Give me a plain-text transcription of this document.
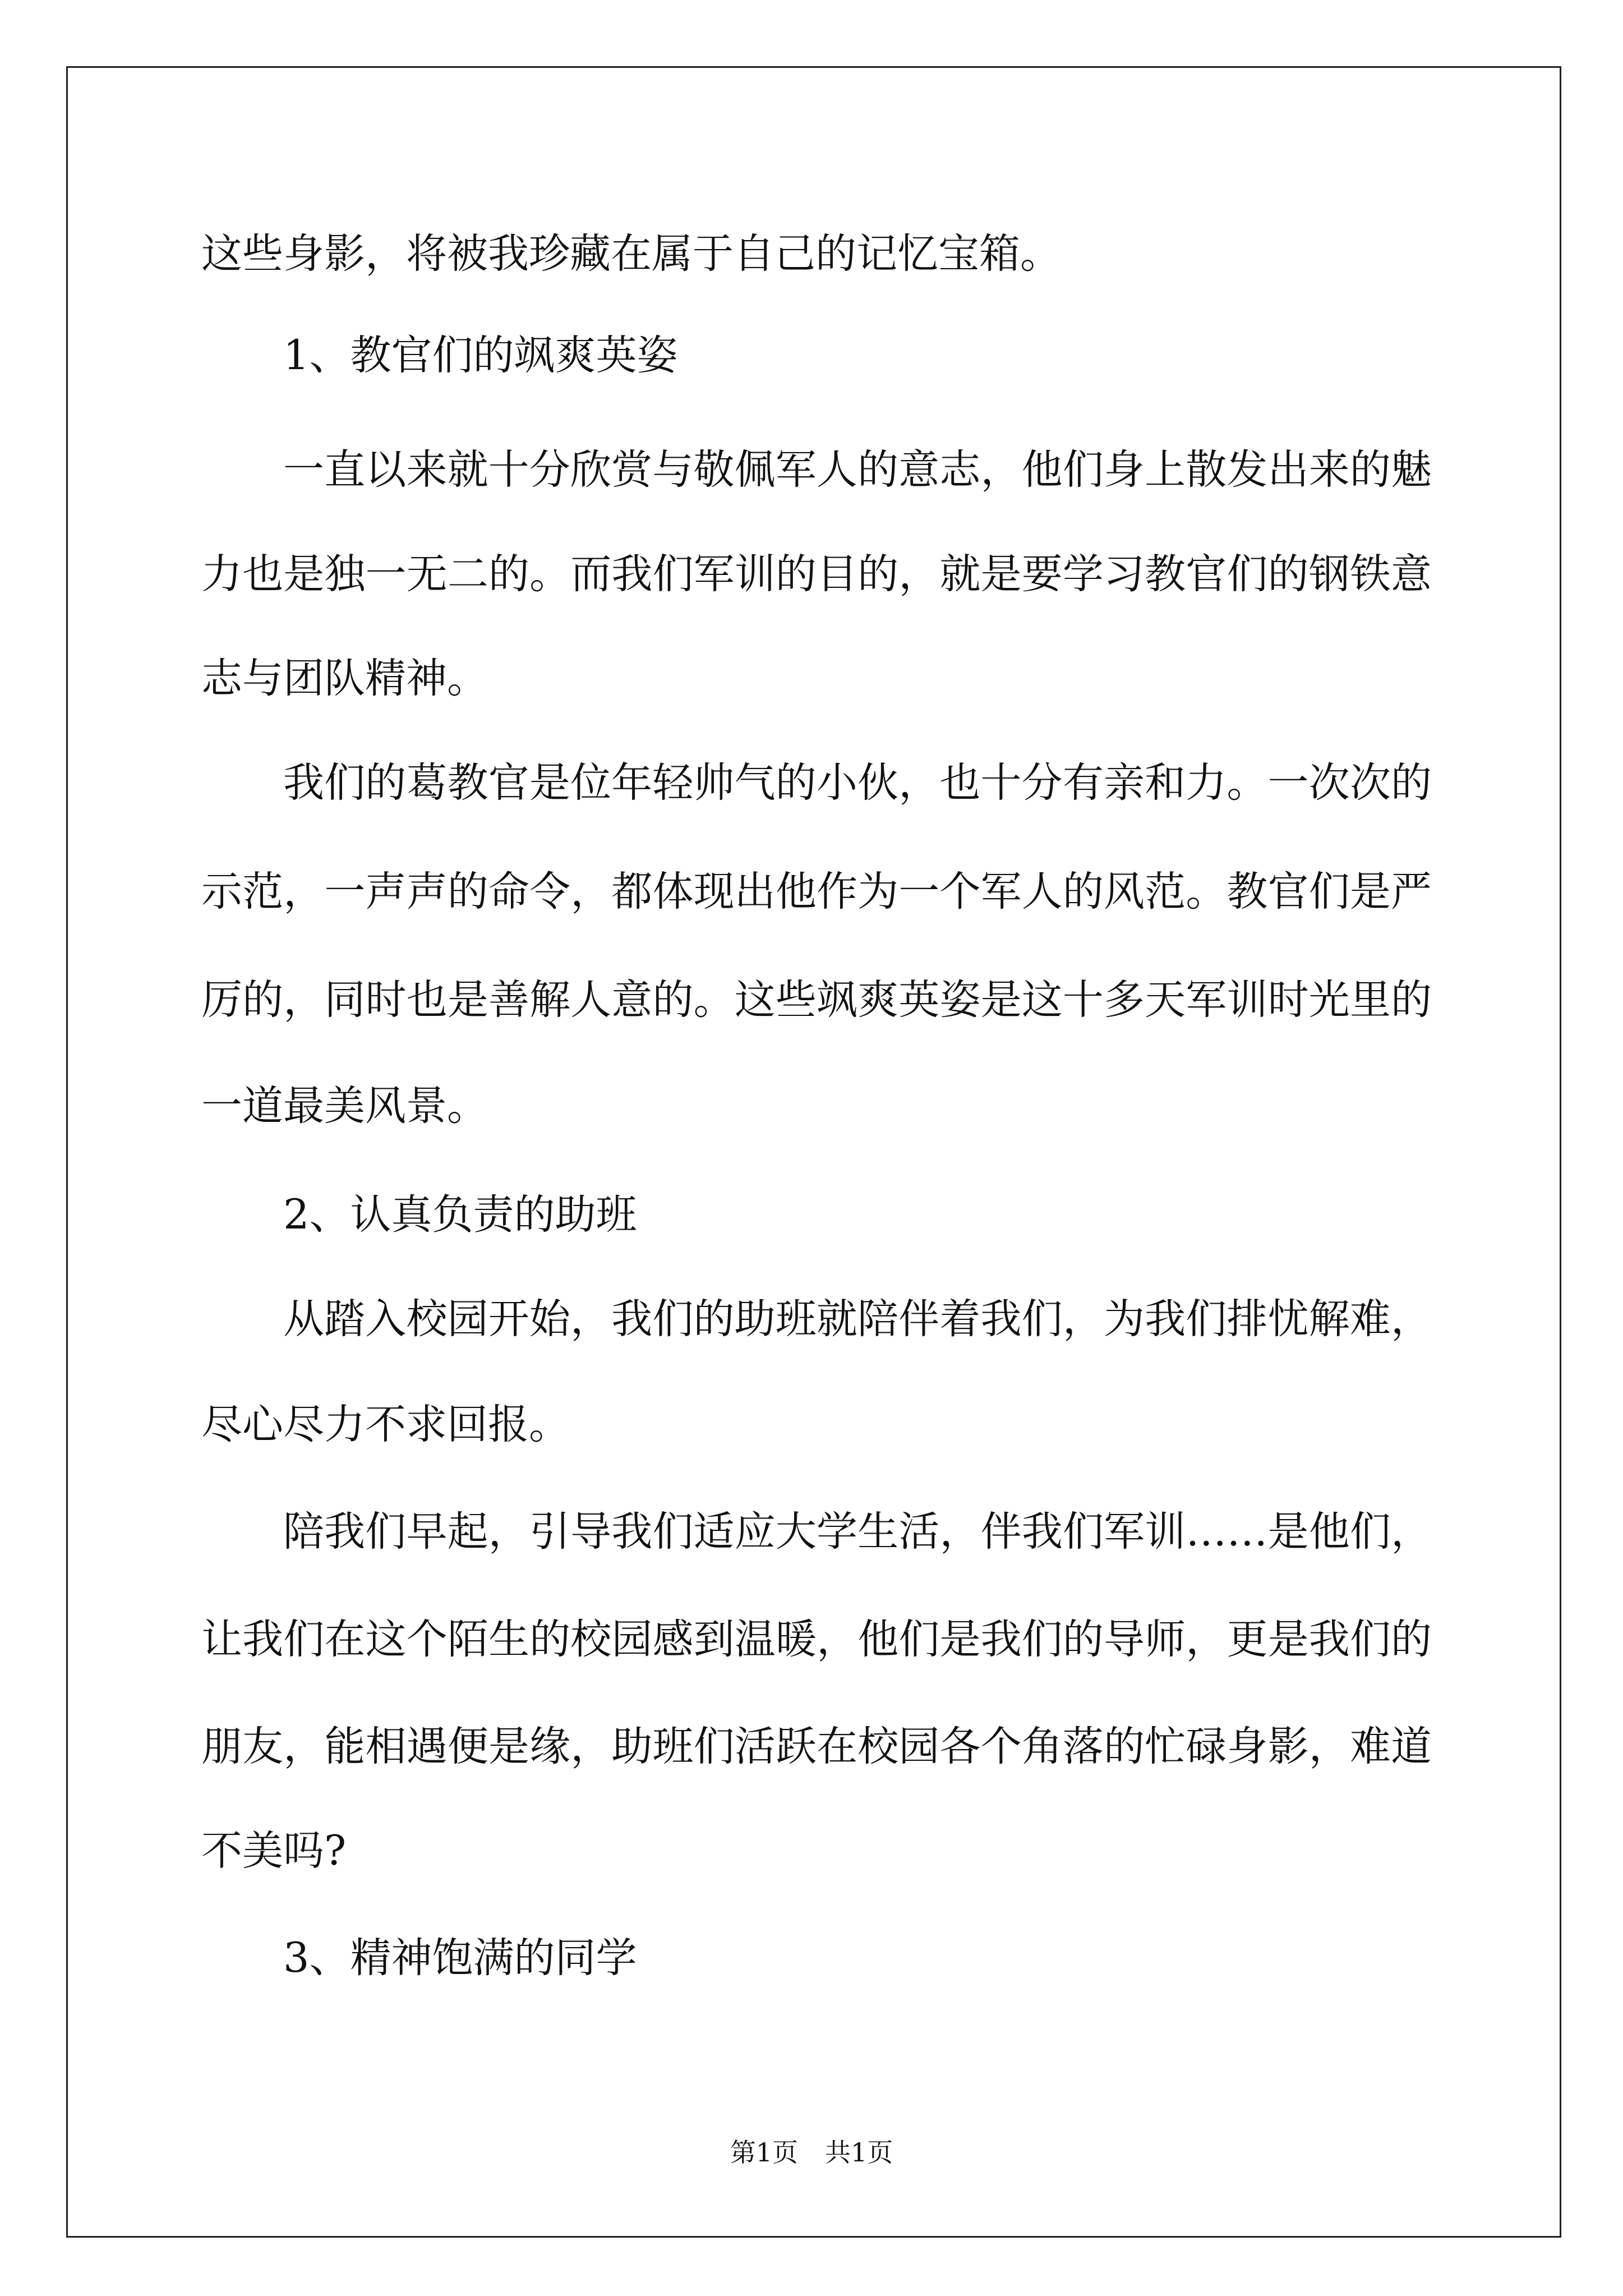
这些身影，将被我珍藏在属于自己的记忆宝箱。
1、教官们的飒爽英姿
一直以来就十分欣赏与敬佩军人的意志，他们身上散发出来的魅
力也是独一无二的。而我们军训的目的，就是要学习教官们的钢铁意
志与团队精神。
我们的葛教官是位年轻帅气的小伙，也十分有亲和力。一次次的
示范，一声声的命令，都体现出他作为一个军人的风范。教官们是严
厉的，同时也是善解人意的。这些飒爽英姿是这十多天军训时光里的
一道最美风景。
2、认真负责的助班
从踏入校园开始，我们的助班就陪伴着我们，为我们排忧解难，
尽心尽力不求回报。
陪我们早起，引导我们适应大学生活，伴我们军训……是他们，
让我们在这个陌生的校园感到温暖，他们是我们的导师，更是我们的
朋友，能相遇便是缘，助班们活跃在校园各个角落的忙碌身影，难道
不美吗?
3、精神饱满的同学
第1页 共1页
